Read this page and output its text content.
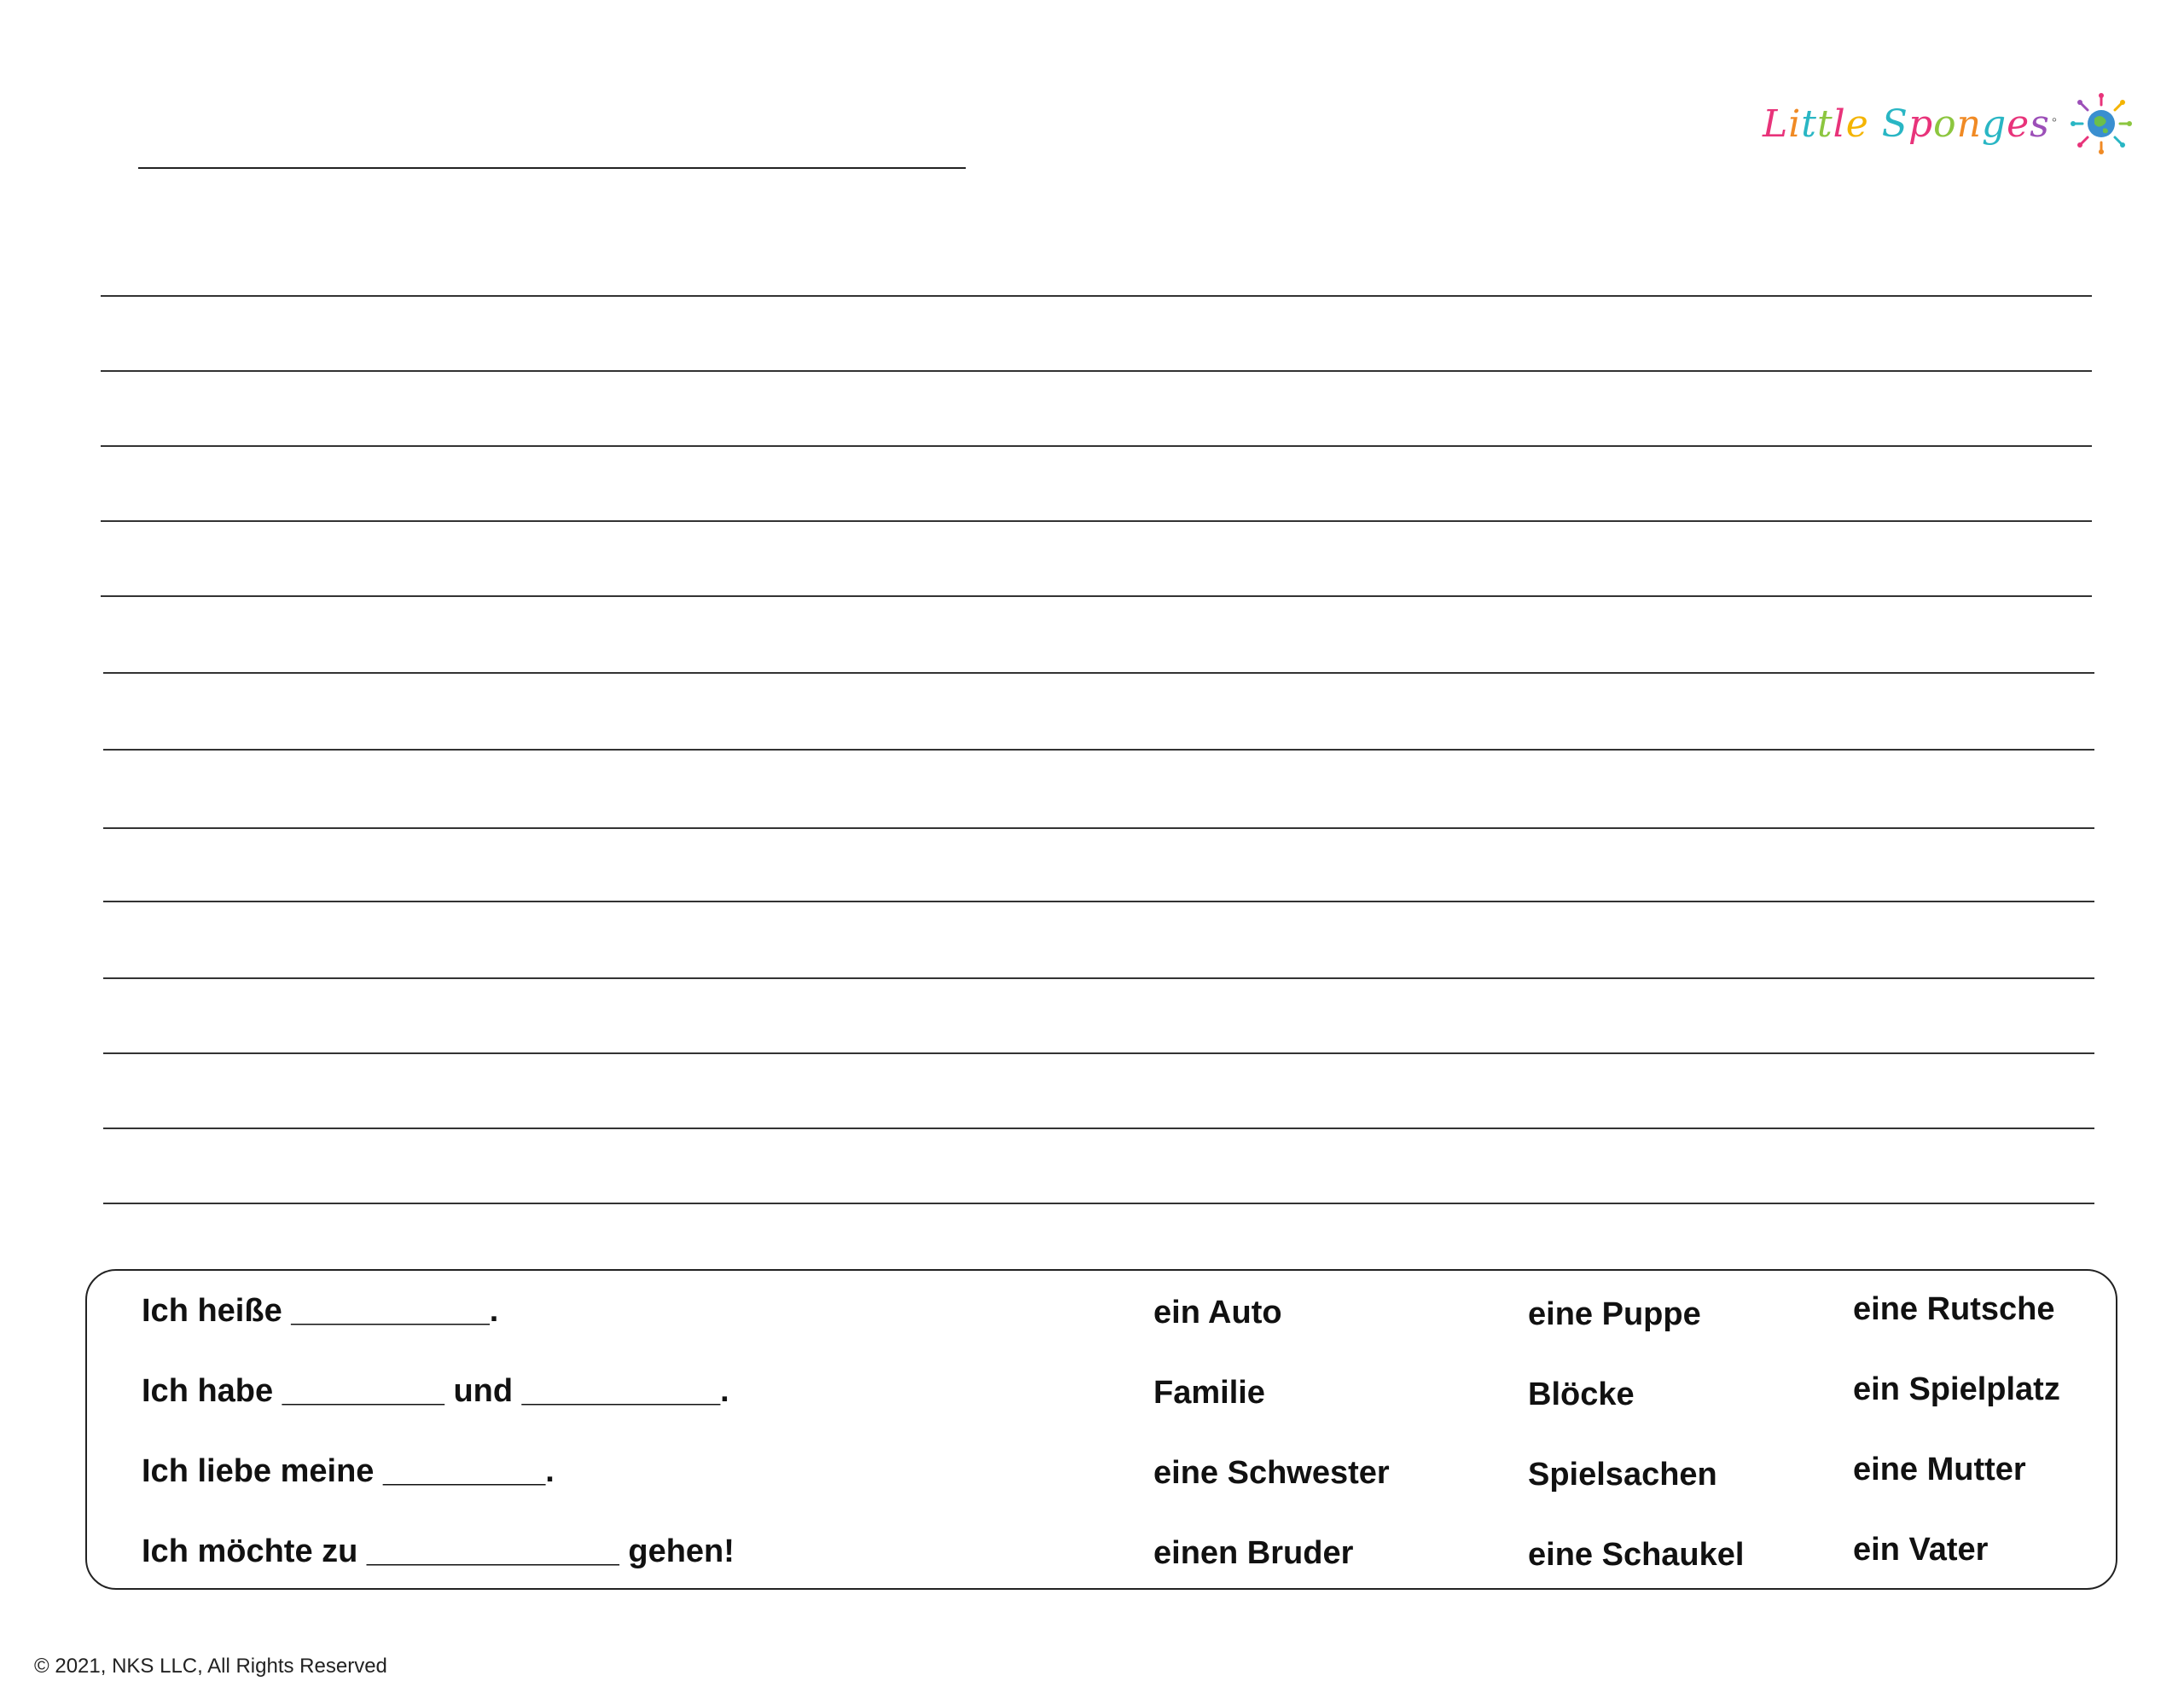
Little Sponges °
Ich heiße ___________.
Ich habe _________ und ___________.
Ich liebe meine _________.
Ich möchte zu ______________ gehen!
ein Auto
Familie
eine Schwester
einen Bruder
eine Puppe
Blöcke
Spielsachen
eine Schaukel
eine Rutsche
ein Spielplatz
eine Mutter
ein Vater
© 2021, NKS LLC, All Rights Reserved
